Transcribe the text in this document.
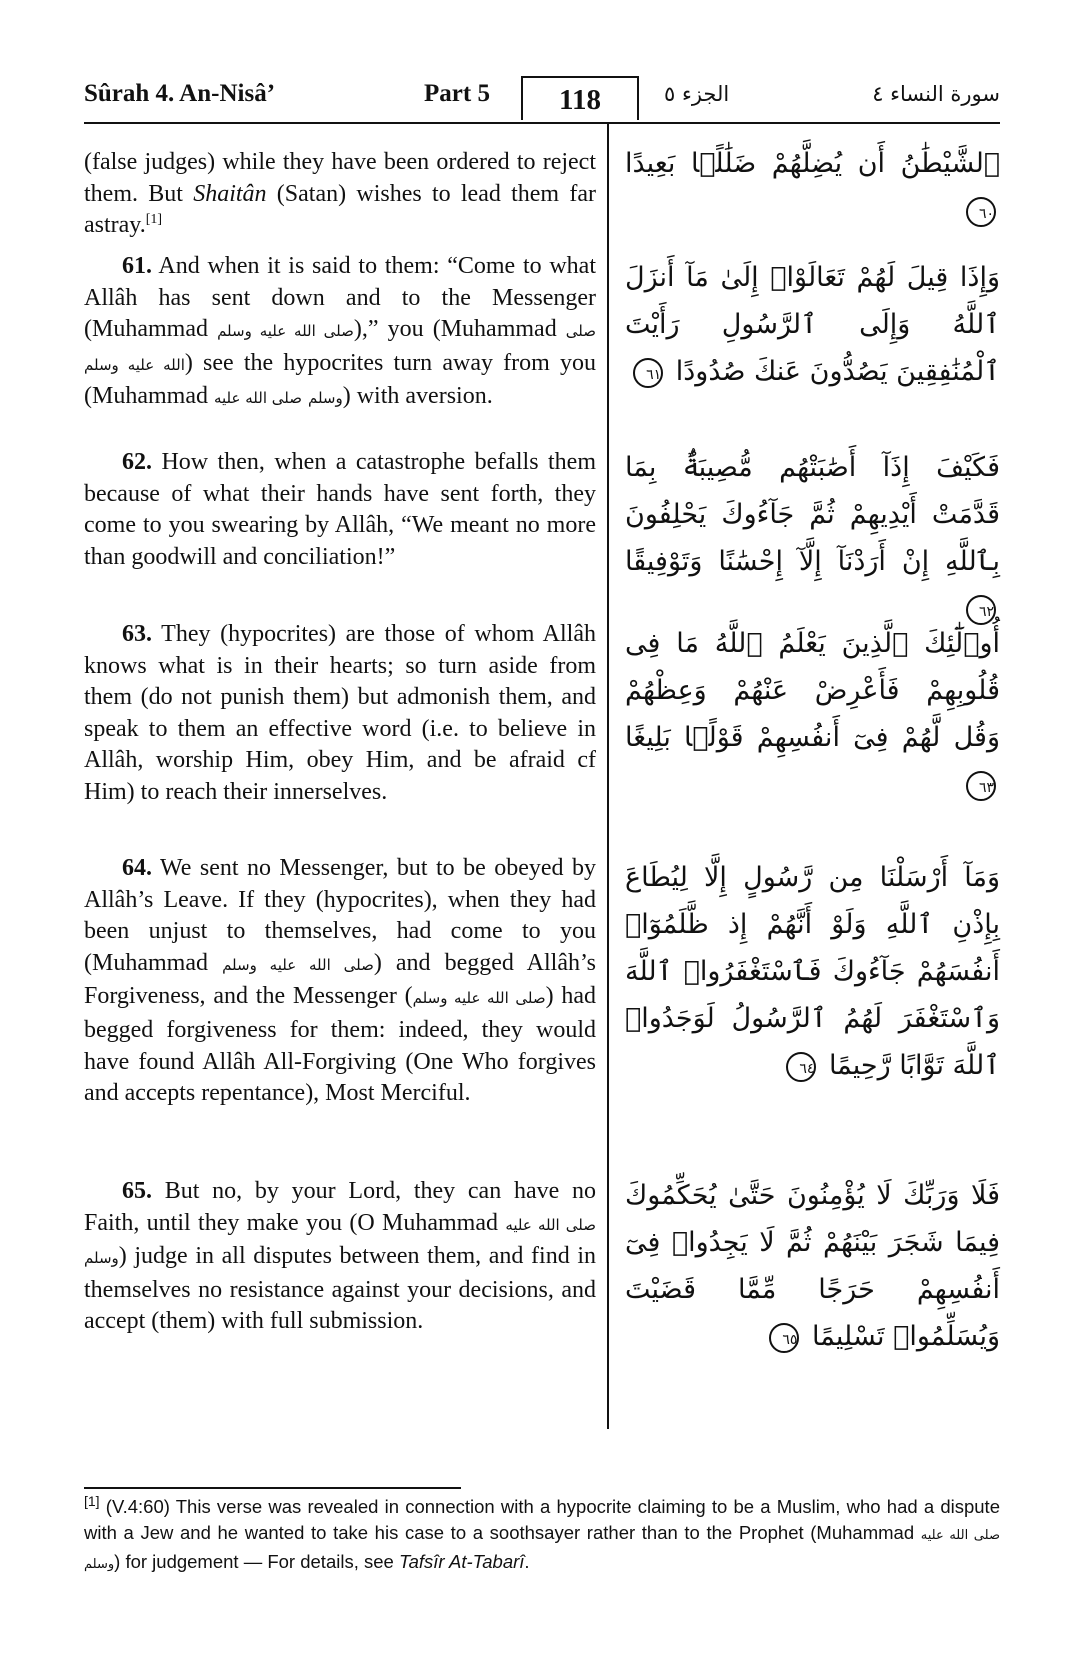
Sûrah 4. An-Nisâ’	Part 5	118	الجزء ٥	سورة النساء ٤

(false judges) while they have been ordered to reject them. But Shaitân (Satan) wishes to lead them far astray.[1]

61. And when it is said to them: “Come to what Allâh has sent down and to the Messenger (Muhammad صلى الله عليه وسلم),” you (Muhammad صلى الله عليه وسلم) see the hypocrites turn away from you (Muhammad صلى الله عليه وسلم) with aversion.

62. How then, when a catastrophe befalls them because of what their hands have sent forth, they come to you swearing by Allâh, “We meant no more than goodwill and conciliation!”

63. They (hypocrites) are those of whom Allâh knows what is in their hearts; so turn aside from them (do not punish them) but admonish them, and speak to them an effective word (i.e. to believe in Allâh, worship Him, obey Him, and be afraid cf Him) to reach their innerselves.

64. We sent no Messenger, but to be obeyed by Allâh’s Leave. If they (hypocrites), when they had been unjust to themselves, had come to you (Muhammad صلى الله عليه وسلم) and begged Allâh’s Forgiveness, and the Messenger (صلى الله عليه وسلم) had begged forgiveness for them: indeed, they would have found Allâh All-Forgiving (One Who forgives and accepts repentance), Most Merciful.

65. But no, by your Lord, they can have no Faith, until they make you (O Muhammad صلى الله عليه وسلم) judge in all disputes between them, and find in themselves no resistance against your decisions, and accept (them) with full submission.

ٱلشَّيْطَٰنُ أَن يُضِلَّهُمْ ضَلَٰلًۢا بَعِيدًا ٦٠

وَإِذَا قِيلَ لَهُمْ تَعَالَوْا۟ إِلَىٰ مَآ أَنزَلَ ٱللَّهُ وَإِلَى ٱلرَّسُولِ رَأَيْتَ ٱلْمُنَٰفِقِينَ يَصُدُّونَ عَنكَ صُدُودًا ٦١

فَكَيْفَ إِذَآ أَصَٰبَتْهُم مُّصِيبَةٌۢ بِمَا قَدَّمَتْ أَيْدِيهِمْ ثُمَّ جَآءُوكَ يَحْلِفُونَ بِٱللَّهِ إِنْ أَرَدْنَآ إِلَّآ إِحْسَٰنًا وَتَوْفِيقًا ٦٢

أُو۟لَٰٓئِكَ ٱلَّذِينَ يَعْلَمُ ٱللَّهُ مَا فِى قُلُوبِهِمْ فَأَعْرِضْ عَنْهُمْ وَعِظْهُمْ وَقُل لَّهُمْ فِىٓ أَنفُسِهِمْ قَوْلًۢا بَلِيغًا ٦٣

وَمَآ أَرْسَلْنَا مِن رَّسُولٍ إِلَّا لِيُطَاعَ بِإِذْنِ ٱللَّهِ وَلَوْ أَنَّهُمْ إِذ ظَّلَمُوٓا۟ أَنفُسَهُمْ جَآءُوكَ فَٱسْتَغْفَرُوا۟ ٱللَّهَ وَٱسْتَغْفَرَ لَهُمُ ٱلرَّسُولُ لَوَجَدُوا۟ ٱللَّهَ تَوَّابًا رَّحِيمًا ٦٤

فَلَا وَرَبِّكَ لَا يُؤْمِنُونَ حَتَّىٰ يُحَكِّمُوكَ فِيمَا شَجَرَ بَيْنَهُمْ ثُمَّ لَا يَجِدُوا۟ فِىٓ أَنفُسِهِمْ حَرَجًا مِّمَّا قَضَيْتَ وَيُسَلِّمُوا۟ تَسْلِيمًا ٦٥

[1] (V.4:60) This verse was revealed in connection with a hypocrite claiming to be a Muslim, who had a dispute with a Jew and he wanted to take his case to a soothsayer rather than to the Prophet (Muhammad صلى الله عليه وسلم) for judgement — For details, see Tafsîr At-Tabarî.
